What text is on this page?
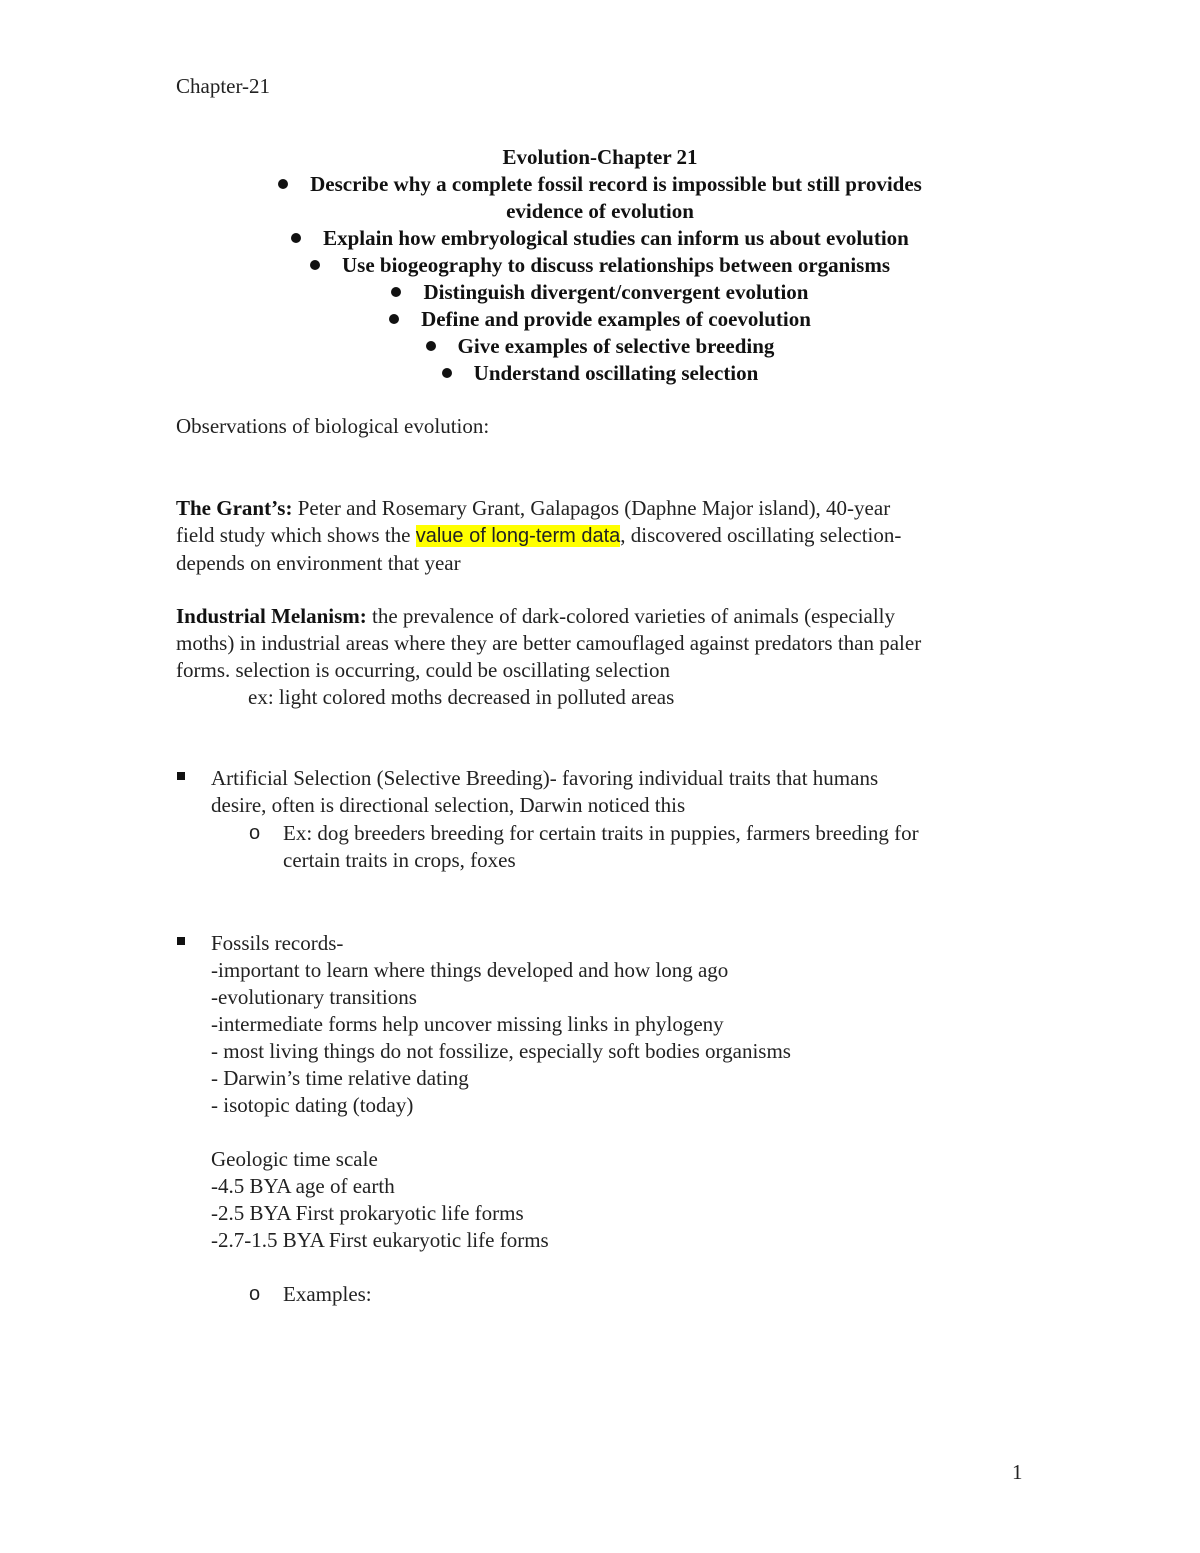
Chapter-21
Evolution-Chapter 21
Describe why a complete fossil record is impossible but still provides
evidence of evolution
Explain how embryological studies can inform us about evolution
Use biogeography to discuss relationships between organisms
Distinguish divergent/convergent evolution
Define and provide examples of coevolution
Give examples of selective breeding
Understand oscillating selection
Observations of biological evolution:
The Grant’s: Peter and Rosemary Grant, Galapagos (Daphne Major island), 40-year
field study which shows the value of long-term data, discovered oscillating selection-
depends on environment that year
Industrial Melanism: the prevalence of dark-colored varieties of animals (especially
moths) in industrial areas where they are better camouflaged against predators than paler
forms. selection is occurring, could be oscillating selection
ex: light colored moths decreased in polluted areas
Artificial Selection (Selective Breeding)- favoring individual traits that humans
desire, often is directional selection, Darwin noticed this
o Ex: dog breeders breeding for certain traits in puppies, farmers breeding for
certain traits in crops, foxes
Fossils records-
-important to learn where things developed and how long ago
-evolutionary transitions
-intermediate forms help uncover missing links in phylogeny
- most living things do not fossilize, especially soft bodies organisms
- Darwin’s time relative dating
- isotopic dating (today)
Geologic time scale
-4.5 BYA age of earth
-2.5 BYA First prokaryotic life forms
-2.7-1.5 BYA First eukaryotic life forms
o Examples:
1
